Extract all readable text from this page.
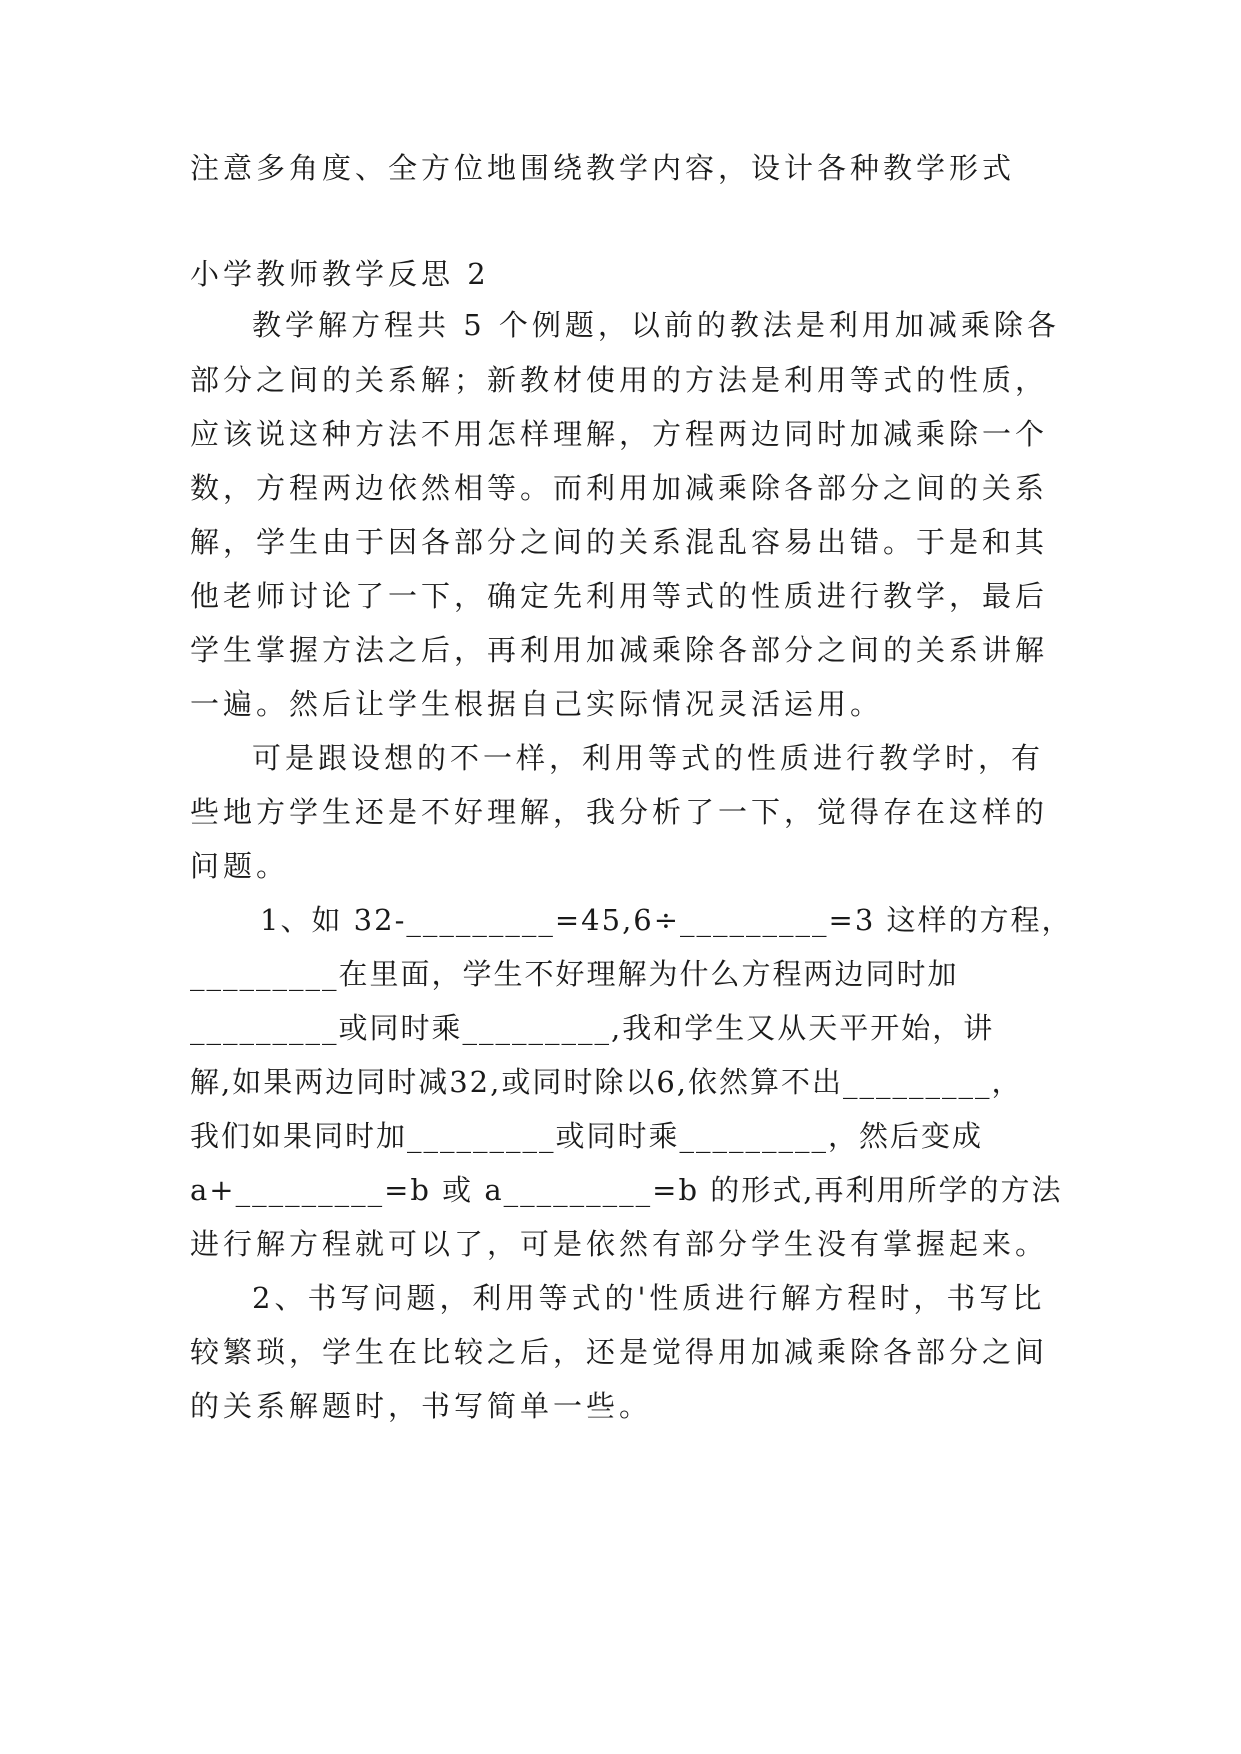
注意多角度、全方位地围绕教学内容，设计各种教学形式
小学教师教学反思 2
教学解方程共 5 个例题，以前的教法是利用加减乘除各
部分之间的关系解；新教材使用的方法是利用等式的性质，
应该说这种方法不用怎样理解，方程两边同时加减乘除一个
数，方程两边依然相等。而利用加减乘除各部分之间的关系
解，学生由于因各部分之间的关系混乱容易出错。于是和其
他老师讨论了一下，确定先利用等式的性质进行教学，最后
学生掌握方法之后，再利用加减乘除各部分之间的关系讲解
一遍。然后让学生根据自己实际情况灵活运用。
可是跟设想的不一样，利用等式的性质进行教学时，有
些地方学生还是不好理解，我分析了一下，觉得存在这样的
问题。
1、如 32-_________=45,6÷_________=3 这样的方程，
_________在里面，学生不好理解为什么方程两边同时加
_________或同时乘_________,我和学生又从天平开始，讲
解,如果两边同时减32,或同时除以6,依然算不出_________，
我们如果同时加_________或同时乘_________，然后变成
a+_________=b 或 a_________=b 的形式,再利用所学的方法
进行解方程就可以了，可是依然有部分学生没有掌握起来。
2、书写问题，利用等式的'性质进行解方程时，书写比
较繁琐，学生在比较之后，还是觉得用加减乘除各部分之间
的关系解题时，书写简单一些。
